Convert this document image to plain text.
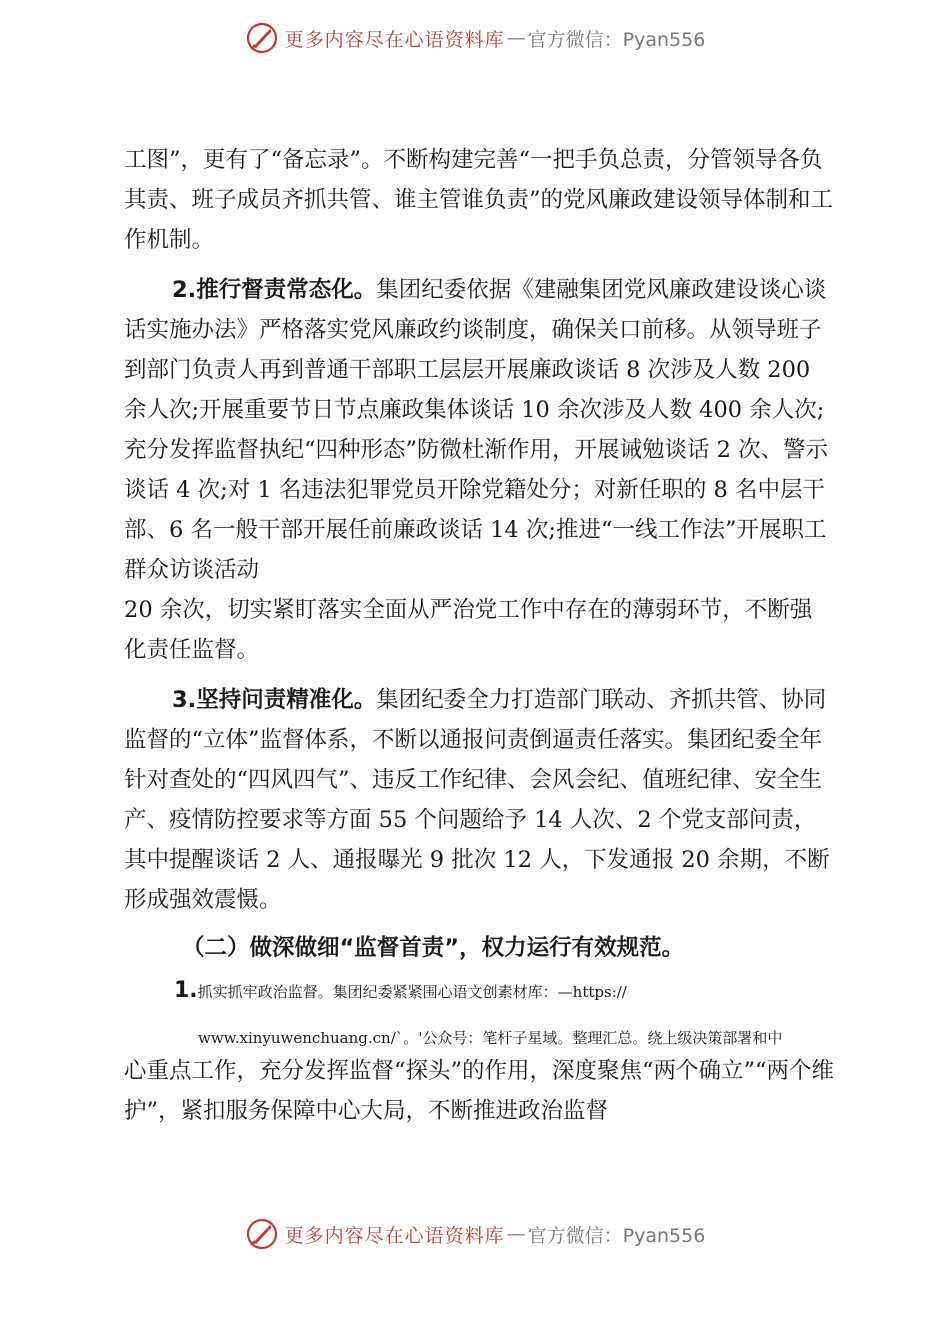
更多内容尽在心语资料库 — 官方微信：Pyan556

工图”，更有了“备忘录”。不断构建完善“一把手负总责，分管领导各负其责、班子成员齐抓共管、谁主管谁负责”的党风廉政建设领导体制和工作机制。

2.推行督责常态化。集团纪委依据《建融集团党风廉政建设谈心谈话实施办法》严格落实党风廉政约谈制度，确保关口前移。从领导班子到部门负责人再到普通干部职工层层开展廉政谈话 8 次涉及人数 200 余人次;开展重要节日节点廉政集体谈话 10 余次涉及人数 400 余人次;充分发挥监督执纪“四种形态”防微杜渐作用，开展诫勉谈话 2 次、警示谈话 4 次;对 1 名违法犯罪党员开除党籍处分；对新任职的 8 名中层干部、6 名一般干部开展任前廉政谈话 14 次;推进“一线工作法”开展职工群众访谈活动

20 余次，切实紧盯落实全面从严治党工作中存在的薄弱环节，不断强化责任监督。

3.坚持问责精准化。集团纪委全力打造部门联动、齐抓共管、协同监督的“立体”监督体系，不断以通报问责倒逼责任落实。集团纪委全年针对查处的“四风四气”、违反工作纪律、会风会纪、值班纪律、安全生产、疫情防控要求等方面 55 个问题给予 14 人次、2 个党支部问责，其中提醒谈话 2 人、通报曝光 9 批次 12 人，下发通报 20 余期，不断形成强效震慑。

（二）做深做细“监督首责”，权力运行有效规范。

1.抓实抓牢政治监督。集团纪委紧紧围心语文创素材库：—https://

www.xinyuwenchuang.cn/`。'公众号：笔杆子星域。整理汇总。绕上级决策部署和中

心重点工作，充分发挥监督“探头”的作用，深度聚焦“两个确立”“两个维护”，紧扣服务保障中心大局，不断推进政治监督

更多内容尽在心语资料库 — 官方微信：Pyan556
